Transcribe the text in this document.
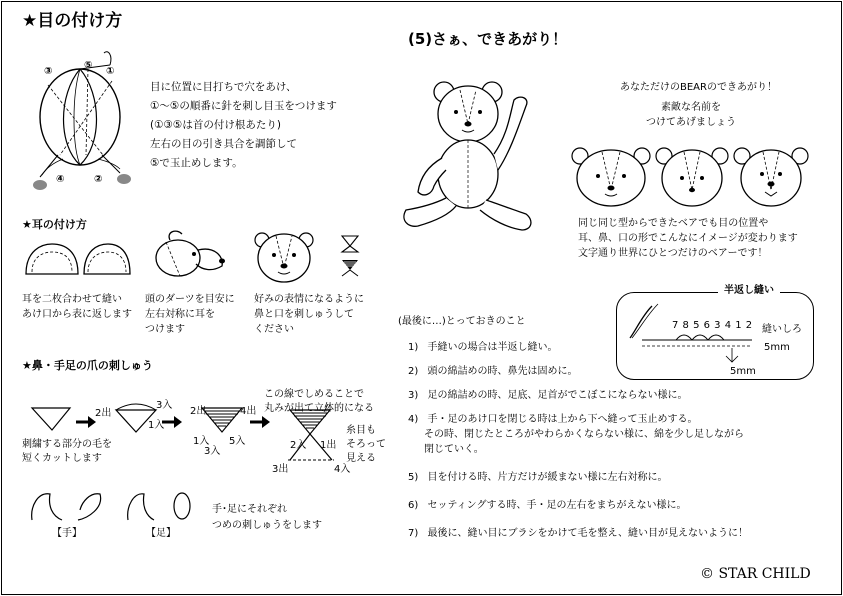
★目の付け方
③
⑤
①
④	②
目に位置に目打ちで穴をあけ、
①～⑤の順番に針を刺し目玉をつけます
(①③⑤は首の付け根あたり)
左右の目の引き具合を調節して
⑤で玉止めします。
★耳の付け方
耳を二枚合わせて縫い
あけ口から表に返します
頭のダーツを目安に
左右対称に耳を
つけます
好みの表情になるように
鼻と口を刺しゅうして
ください
★鼻・手足の爪の刺しゅう
刺繍する部分の毛を
短くカットします
2出
3入
1入
2出	4出
1入
3入
5入	2入 1出
3出	4入
この線でしめることで
丸みが出て立体的になる
糸目も
そろって
見える
【手】	【足】
手･足にそれぞれ
つめの刺しゅうをします
(5)さぁ、できあがり！
あなただけのBEARのできあがり！
素敵な名前を
つけてあげましょう
同じ同じ型からできたベアでも目の位置や
耳、鼻、口の形でこんなにイメージが変わります
文字通り世界にひとつだけのベアーです！
半返し縫い
7 8 5 6 3 4 1 2 縫いしろ
5mm
5mm
(最後に…)とっておきのこと
1) 手縫いの場合は半返し縫い。
2) 頭の綿詰めの時、鼻先は固めに。
3) 足の綿詰めの時、足底、足首がでこぼこにならない様に。
4) 手・足のあけ口を閉じる時は上から下へ縫って玉止めする。
その時、閉じたところがやわらかくならない様に、綿を少し足しながら
閉じていく。
5) 目を付ける時、片方だけが緩まない様に左右対称に。
6) セッティングする時、手・足の左右をまちがえない様に。
7) 最後に、縫い目にブラシをかけて毛を整え、縫い目が見えないように！
© STAR CHILD
